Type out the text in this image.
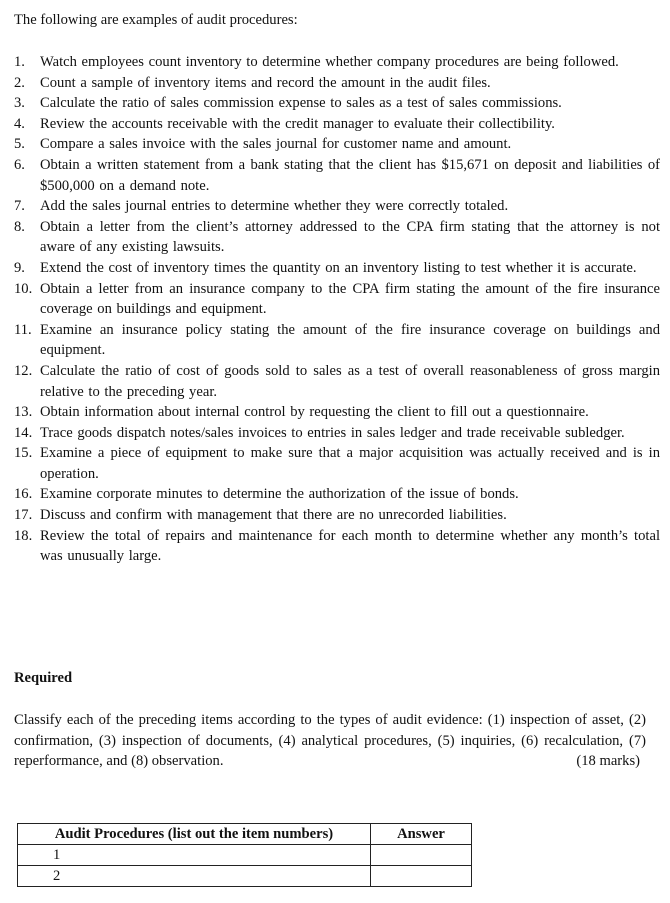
The following are examples of audit procedures:
1. Watch employees count inventory to determine whether company procedures are being followed.
2. Count a sample of inventory items and record the amount in the audit files.
3. Calculate the ratio of sales commission expense to sales as a test of sales commissions.
4. Review the accounts receivable with the credit manager to evaluate their collectibility.
5. Compare a sales invoice with the sales journal for customer name and amount.
6. Obtain a written statement from a bank stating that the client has $15,671 on deposit and liabilities of $500,000 on a demand note.
7. Add the sales journal entries to determine whether they were correctly totaled.
8. Obtain a letter from the client’s attorney addressed to the CPA firm stating that the attorney is not aware of any existing lawsuits.
9. Extend the cost of inventory times the quantity on an inventory listing to test whether it is accurate.
10. Obtain a letter from an insurance company to the CPA firm stating the amount of the fire insurance coverage on buildings and equipment.
11. Examine an insurance policy stating the amount of the fire insurance coverage on buildings and equipment.
12. Calculate the ratio of cost of goods sold to sales as a test of overall reasonableness of gross margin relative to the preceding year.
13. Obtain information about internal control by requesting the client to fill out a questionnaire.
14. Trace goods dispatch notes/sales invoices to entries in sales ledger and trade receivable subledger.
15. Examine a piece of equipment to make sure that a major acquisition was actually received and is in operation.
16. Examine corporate minutes to determine the authorization of the issue of bonds.
17. Discuss and confirm with management that there are no unrecorded liabilities.
18. Review the total of repairs and maintenance for each month to determine whether any month’s total was unusually large.
Required
Classify each of the preceding items according to the types of audit evidence: (1) inspection of asset, (2) confirmation, (3) inspection of documents, (4) analytical procedures, (5) inquiries, (6) recalculation, (7) reperformance, and (8) observation.	(18 marks)
Audit Procedures (list out the item numbers)	Answer
1	
2	
